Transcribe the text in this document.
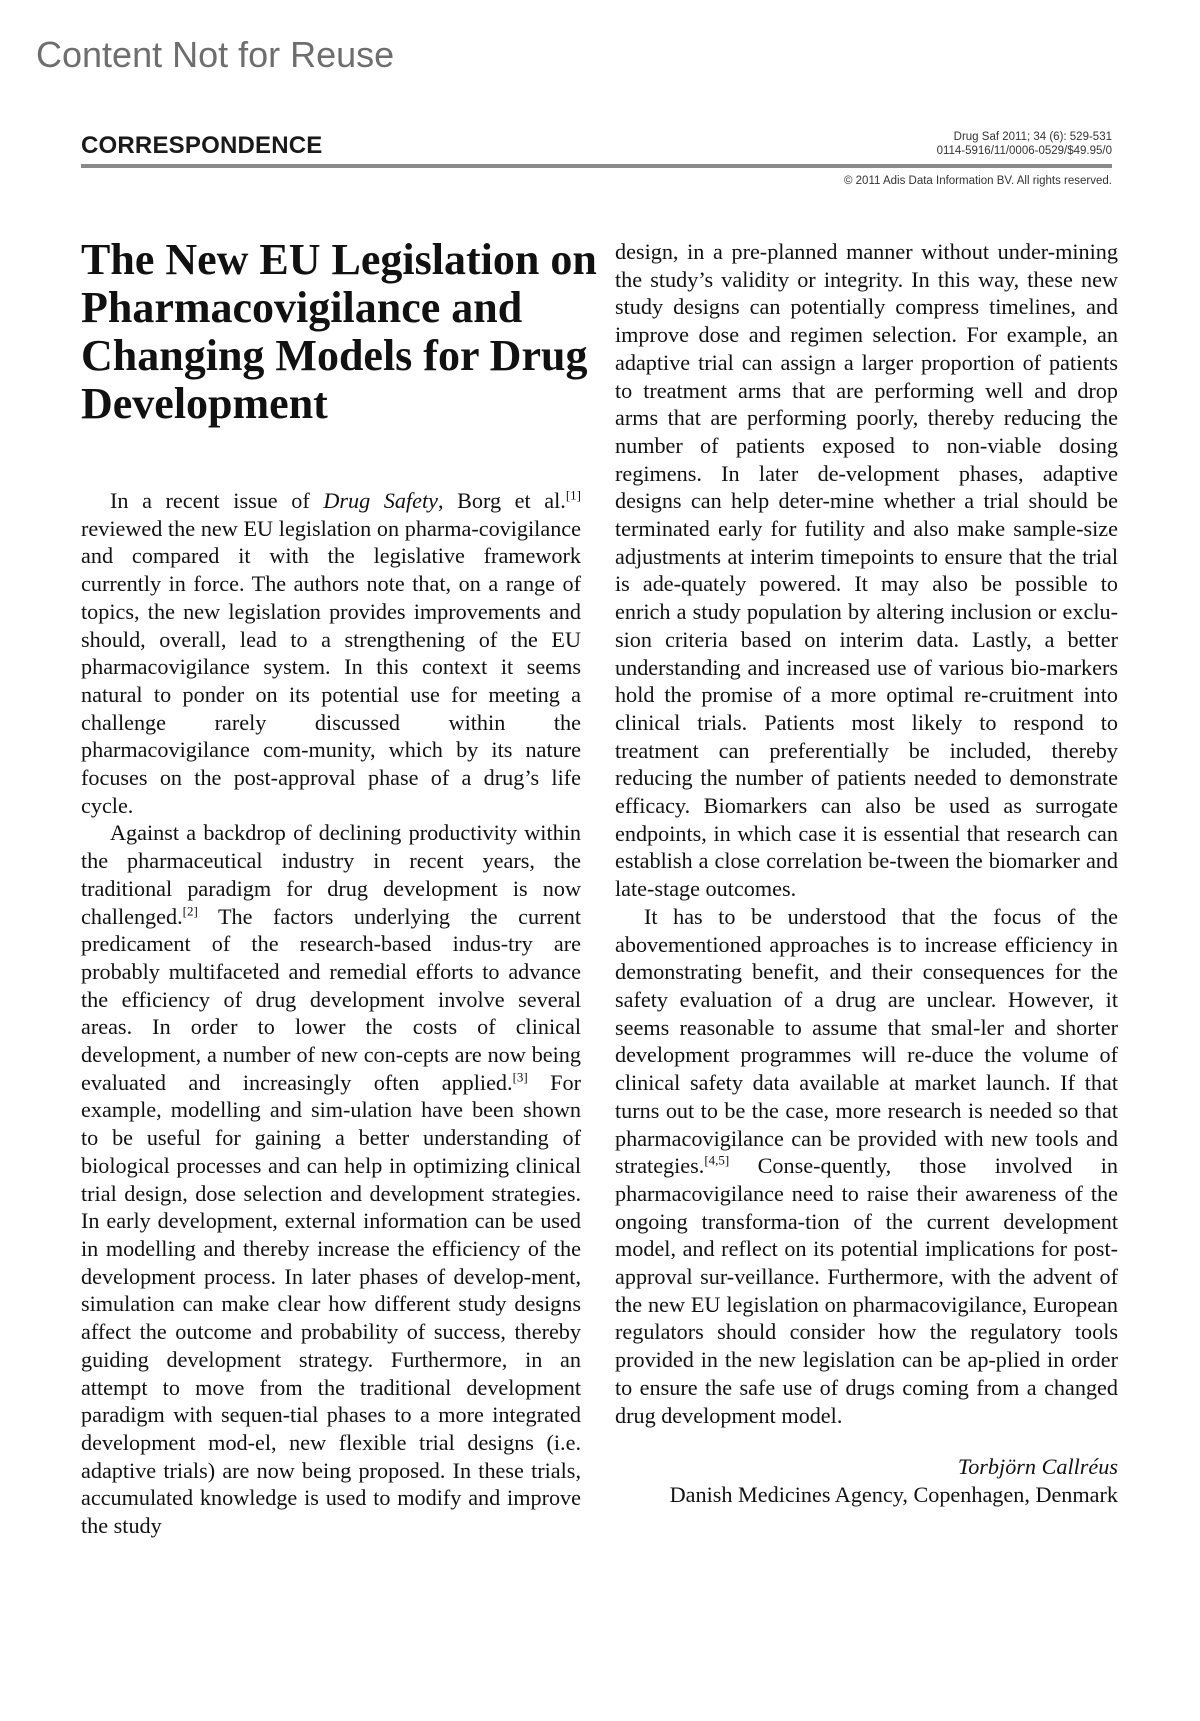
Content Not for Reuse
CORRESPONDENCE	Drug Saf 2011; 34 (6): 529-531
0114-5916/11/0006-0529/$49.95/0
© 2011 Adis Data Information BV. All rights reserved.
The New EU Legislation on Pharmacovigilance and Changing Models for Drug Development

In a recent issue of Drug Safety, Borg et al.[1] reviewed the new EU legislation on pharma-covigilance and compared it with the legislative framework currently in force. The authors note that, on a range of topics, the new legislation provides improvements and should, overall, lead to a strengthening of the EU pharmacovigilance system. In this context it seems natural to ponder on its potential use for meeting a challenge rarely discussed within the pharmacovigilance com-munity, which by its nature focuses on the post-approval phase of a drug’s life cycle.

Against a backdrop of declining productivity within the pharmaceutical industry in recent years, the traditional paradigm for drug development is now challenged.[2] The factors underlying the current predicament of the research-based indus-try are probably multifaceted and remedial efforts to advance the efficiency of drug development involve several areas. In order to lower the costs of clinical development, a number of new con-cepts are now being evaluated and increasingly often applied.[3] For example, modelling and sim-ulation have been shown to be useful for gaining a better understanding of biological processes and can help in optimizing clinical trial design, dose selection and development strategies. In early development, external information can be used in modelling and thereby increase the efficiency of the development process. In later phases of develop-ment, simulation can make clear how different study designs affect the outcome and probability of success, thereby guiding development strategy. Furthermore, in an attempt to move from the traditional development paradigm with sequen-tial phases to a more integrated development mod-el, new flexible trial designs (i.e. adaptive trials) are now being proposed. In these trials, accumulated knowledge is used to modify and improve the study

design, in a pre-planned manner without under-mining the study’s validity or integrity. In this way, these new study designs can potentially compress timelines, and improve dose and regimen selection. For example, an adaptive trial can assign a larger proportion of patients to treatment arms that are performing well and drop arms that are performing poorly, thereby reducing the number of patients exposed to non-viable dosing regimens. In later de-velopment phases, adaptive designs can help deter-mine whether a trial should be terminated early for futility and also make sample-size adjustments at interim timepoints to ensure that the trial is ade-quately powered. It may also be possible to enrich a study population by altering inclusion or exclu-sion criteria based on interim data. Lastly, a better understanding and increased use of various bio-markers hold the promise of a more optimal re-cruitment into clinical trials. Patients most likely to respond to treatment can preferentially be included, thereby reducing the number of patients needed to demonstrate efficacy. Biomarkers can also be used as surrogate endpoints, in which case it is essential that research can establish a close correlation be-tween the biomarker and late-stage outcomes.

It has to be understood that the focus of the abovementioned approaches is to increase efficiency in demonstrating benefit, and their consequences for the safety evaluation of a drug are unclear. However, it seems reasonable to assume that smal-ler and shorter development programmes will re-duce the volume of clinical safety data available at market launch. If that turns out to be the case, more research is needed so that pharmacovigilance can be provided with new tools and strategies.[4,5] Conse-quently, those involved in pharmacovigilance need to raise their awareness of the ongoing transforma-tion of the current development model, and reflect on its potential implications for post-approval sur-veillance. Furthermore, with the advent of the new EU legislation on pharmacovigilance, European regulators should consider how the regulatory tools provided in the new legislation can be ap-plied in order to ensure the safe use of drugs coming from a changed drug development model.

Torbjörn Callréus
Danish Medicines Agency, Copenhagen, Denmark
